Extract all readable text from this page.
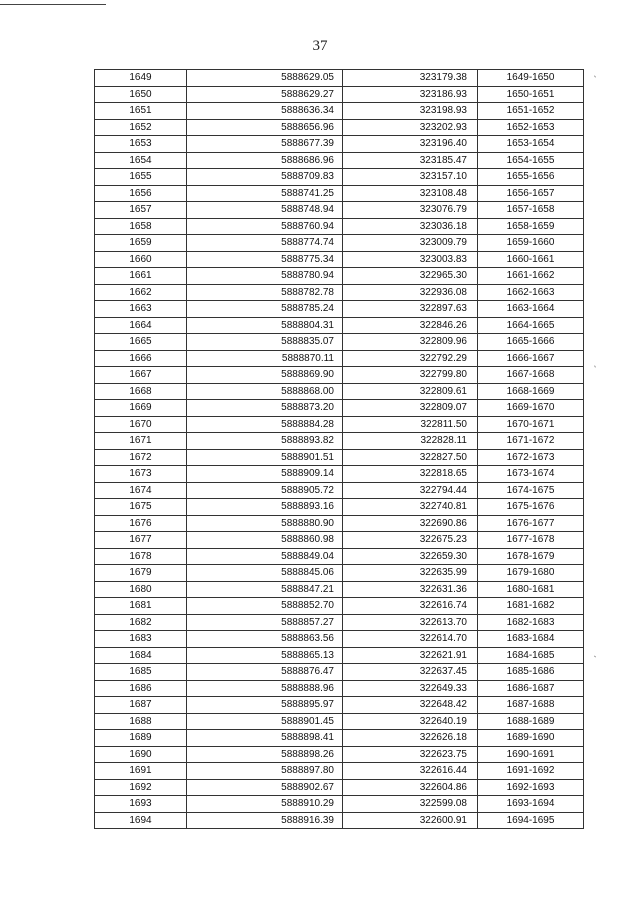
37
1649	5888629.05	323179.38	1649-1650
1650	5888629.27	323186.93	1650-1651
1651	5888636.34	323198.93	1651-1652
1652	5888656.96	323202.93	1652-1653
1653	5888677.39	323196.40	1653-1654
1654	5888686.96	323185.47	1654-1655
1655	5888709.83	323157.10	1655-1656
1656	5888741.25	323108.48	1656-1657
1657	5888748.94	323076.79	1657-1658
1658	5888760.94	323036.18	1658-1659
1659	5888774.74	323009.79	1659-1660
1660	5888775.34	323003.83	1660-1661
1661	5888780.94	322965.30	1661-1662
1662	5888782.78	322936.08	1662-1663
1663	5888785.24	322897.63	1663-1664
1664	5888804.31	322846.26	1664-1665
1665	5888835.07	322809.96	1665-1666
1666	5888870.11	322792.29	1666-1667
1667	5888869.90	322799.80	1667-1668
1668	5888868.00	322809.61	1668-1669
1669	5888873.20	322809.07	1669-1670
1670	5888884.28	322811.50	1670-1671
1671	5888893.82	322828.11	1671-1672
1672	5888901.51	322827.50	1672-1673
1673	5888909.14	322818.65	1673-1674
1674	5888905.72	322794.44	1674-1675
1675	5888893.16	322740.81	1675-1676
1676	5888880.90	322690.86	1676-1677
1677	5888860.98	322675.23	1677-1678
1678	5888849.04	322659.30	1678-1679
1679	5888845.06	322635.99	1679-1680
1680	5888847.21	322631.36	1680-1681
1681	5888852.70	322616.74	1681-1682
1682	5888857.27	322613.70	1682-1683
1683	5888863.56	322614.70	1683-1684
1684	5888865.13	322621.91	1684-1685
1685	5888876.47	322637.45	1685-1686
1686	5888888.96	322649.33	1686-1687
1687	5888895.97	322648.42	1687-1688
1688	5888901.45	322640.19	1688-1689
1689	5888898.41	322626.18	1689-1690
1690	5888898.26	322623.75	1690-1691
1691	5888897.80	322616.44	1691-1692
1692	5888902.67	322604.86	1692-1693
1693	5888910.29	322599.08	1693-1694
1694	5888916.39	322600.91	1694-1695
